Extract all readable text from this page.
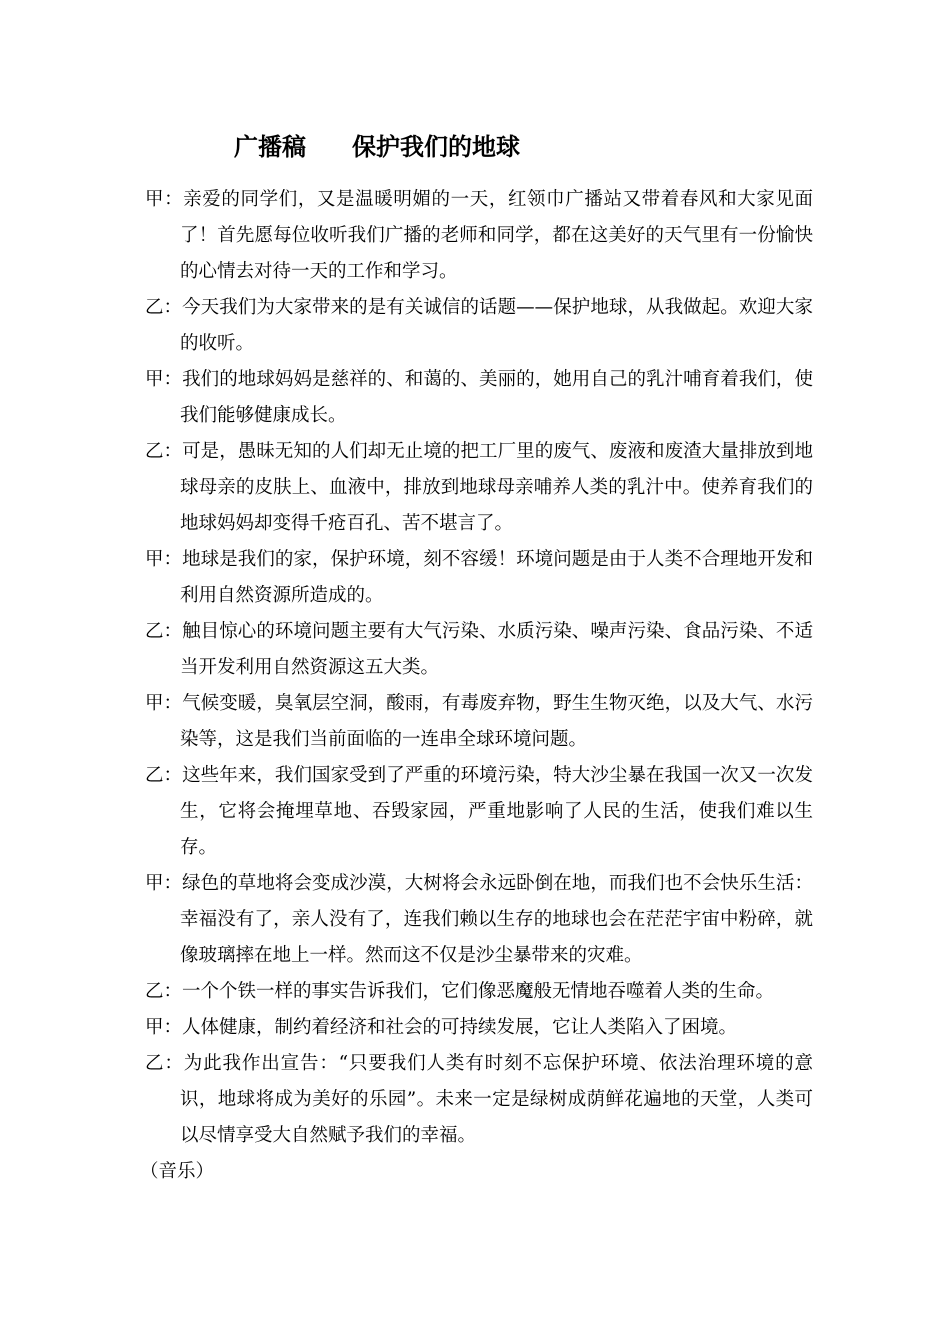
广播稿 保护我们的地球

甲：亲爱的同学们，又是温暖明媚的一天，红领巾广播站又带着春风和大家见面了！首先愿每位收听我们广播的老师和同学，都在这美好的天气里有一份愉快的心情去对待一天的工作和学习。

乙：今天我们为大家带来的是有关诚信的话题——保护地球，从我做起。欢迎大家的收听。

甲：我们的地球妈妈是慈祥的、和蔼的、美丽的，她用自己的乳汁哺育着我们，使我们能够健康成长。

乙：可是，愚昧无知的人们却无止境的把工厂里的废气、废液和废渣大量排放到地球母亲的皮肤上、血液中，排放到地球母亲哺养人类的乳汁中。使养育我们的地球妈妈却变得千疮百孔、苦不堪言了。

甲：地球是我们的家，保护环境，刻不容缓！环境问题是由于人类不合理地开发和利用自然资源所造成的。

乙：触目惊心的环境问题主要有大气污染、水质污染、噪声污染、食品污染、不适当开发利用自然资源这五大类。

甲：气候变暖，臭氧层空洞，酸雨，有毒废弃物，野生生物灭绝，以及大气、水污染等，这是我们当前面临的一连串全球环境问题。

乙：这些年来，我们国家受到了严重的环境污染，特大沙尘暴在我国一次又一次发生，它将会掩埋草地、吞毁家园，严重地影响了人民的生活，使我们难以生存。

甲：绿色的草地将会变成沙漠，大树将会永远卧倒在地，而我们也不会快乐生活：幸福没有了，亲人没有了，连我们赖以生存的地球也会在茫茫宇宙中粉碎，就像玻璃摔在地上一样。然而这不仅是沙尘暴带来的灾难。

乙：一个个铁一样的事实告诉我们，它们像恶魔般无情地吞噬着人类的生命。

甲：人体健康，制约着经济和社会的可持续发展，它让人类陷入了困境。

乙：为此我作出宣告：“只要我们人类有时刻不忘保护环境、依法治理环境的意识，地球将成为美好的乐园”。未来一定是绿树成荫鲜花遍地的天堂，人类可以尽情享受大自然赋予我们的幸福。

（音乐）
